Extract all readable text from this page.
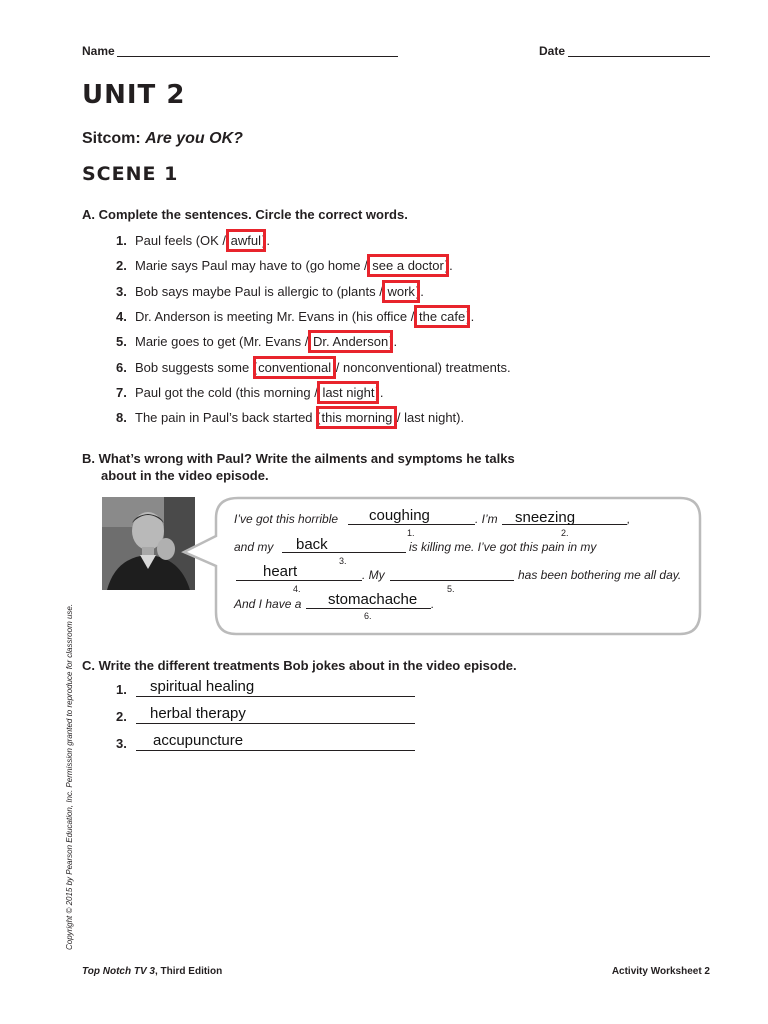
Name	Date
UNIT 2
Sitcom: Are you OK?
SCENE 1
A. Complete the sentences. Circle the correct words.
1. Paul feels (OK / awful).
2. Marie says Paul may have to (go home / see a doctor).
3. Bob says maybe Paul is allergic to (plants / work).
4. Dr. Anderson is meeting Mr. Evans in (his office / the cafe).
5. Marie goes to get (Mr. Evans / Dr. Anderson).
6. Bob suggests some (conventional / nonconventional) treatments.
7. Paul got the cold (this morning / last night).
8. The pain in Paul’s back started (this morning / last night).
B. What’s wrong with Paul? Write the ailments and symptoms he talks
about in the video episode.
I’ve got this horrible coughing
1.
. I’m sneezing
2.
,
and my back
3.
is killing me. I’ve got this pain in my
heart
4.
. My
5.
has been bothering me all day.
And I have a stomachache
6.
.
C. Write the different treatments Bob jokes about in the video episode.
1. spiritual healing
2. herbal therapy
3. accupuncture
Copyright © 2015 by Pearson Education, Inc. Permission granted to reproduce for classroom use.
Top Notch TV 3, Third Edition	Activity Worksheet 2
